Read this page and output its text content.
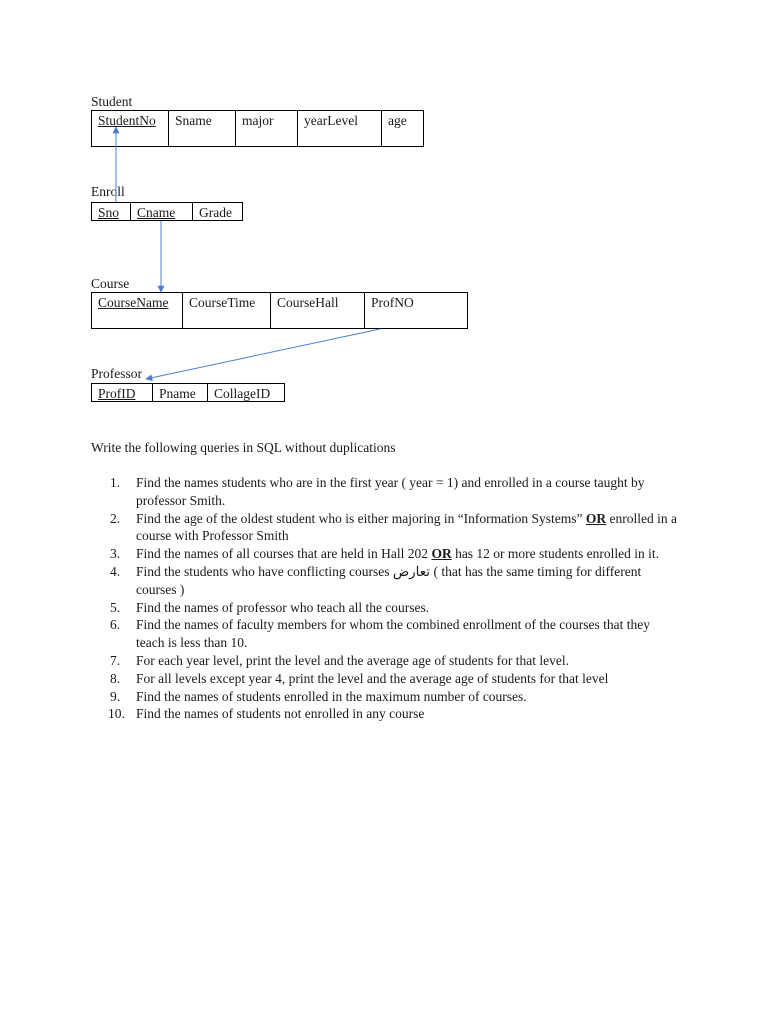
Student
StudentNo	Sname	major	yearLevel	age
Enroll
Sno	Cname	Grade
Course
CourseName	CourseTime	CourseHall	ProfNO
Professor
ProfID	Pname	CollageID
Write the following queries in SQL without duplications
1.	Find the names students who are in the first year ( year = 1) and enrolled in a course taught by professor Smith.
2.	Find the age of the oldest student who is either majoring in “Information Systems” OR enrolled in a course with Professor Smith
3.	Find the names of all courses that are held in Hall 202 OR has 12 or more students enrolled in it.
4.	Find the students who have conflicting courses تعارض ( that has the same timing for different courses )
5.	Find the names of professor who teach all the courses.
6.	Find the names of faculty members for whom the combined enrollment of the courses that they teach is less than 10.
7.	For each year level, print the level and the average age of students for that level.
8.	For all levels except year 4, print the level and the average age of students for that level
9.	Find the names of students enrolled in the maximum number of courses.
10. Find the names of students not enrolled in any course
